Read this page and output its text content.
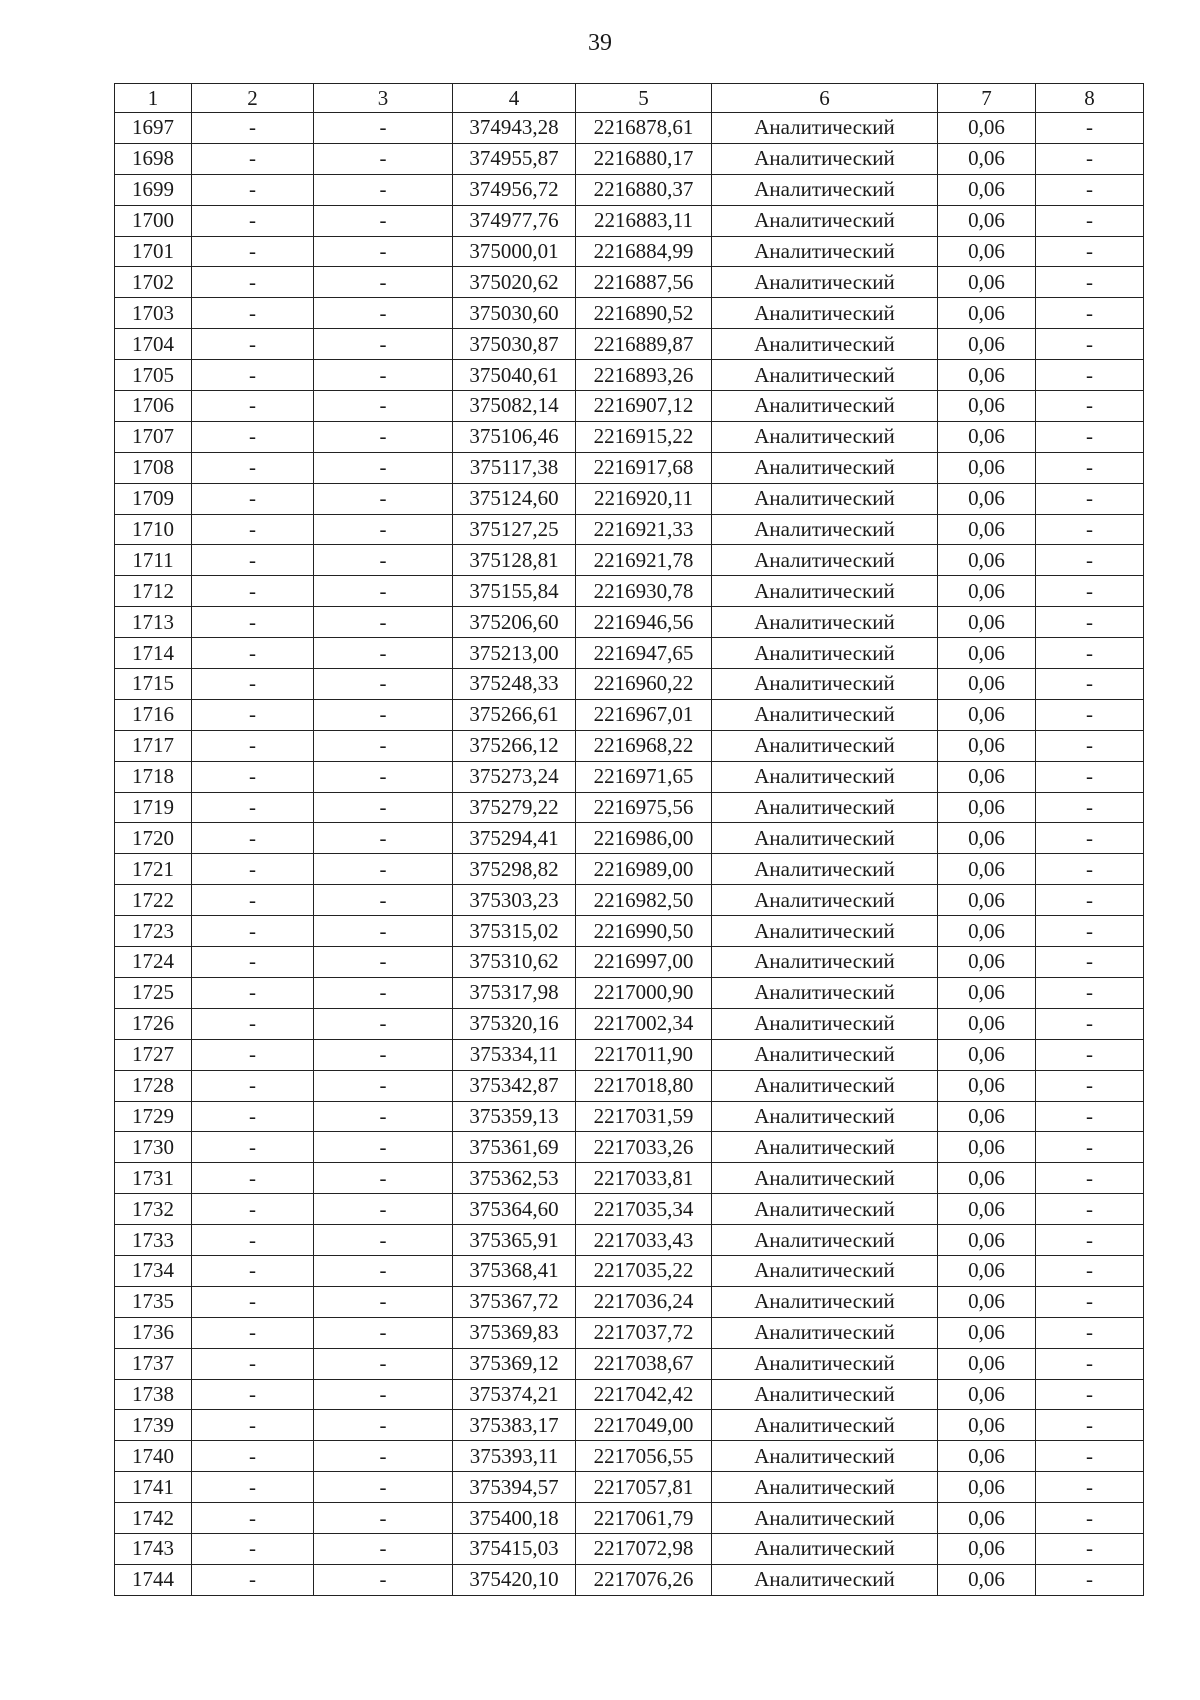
39
1	2	3	4	5	6	7	8
1697	-	-	374943,28	2216878,61	Аналитический	0,06	-
1698	-	-	374955,87	2216880,17	Аналитический	0,06	-
1699	-	-	374956,72	2216880,37	Аналитический	0,06	-
1700	-	-	374977,76	2216883,11	Аналитический	0,06	-
1701	-	-	375000,01	2216884,99	Аналитический	0,06	-
1702	-	-	375020,62	2216887,56	Аналитический	0,06	-
1703	-	-	375030,60	2216890,52	Аналитический	0,06	-
1704	-	-	375030,87	2216889,87	Аналитический	0,06	-
1705	-	-	375040,61	2216893,26	Аналитический	0,06	-
1706	-	-	375082,14	2216907,12	Аналитический	0,06	-
1707	-	-	375106,46	2216915,22	Аналитический	0,06	-
1708	-	-	375117,38	2216917,68	Аналитический	0,06	-
1709	-	-	375124,60	2216920,11	Аналитический	0,06	-
1710	-	-	375127,25	2216921,33	Аналитический	0,06	-
1711	-	-	375128,81	2216921,78	Аналитический	0,06	-
1712	-	-	375155,84	2216930,78	Аналитический	0,06	-
1713	-	-	375206,60	2216946,56	Аналитический	0,06	-
1714	-	-	375213,00	2216947,65	Аналитический	0,06	-
1715	-	-	375248,33	2216960,22	Аналитический	0,06	-
1716	-	-	375266,61	2216967,01	Аналитический	0,06	-
1717	-	-	375266,12	2216968,22	Аналитический	0,06	-
1718	-	-	375273,24	2216971,65	Аналитический	0,06	-
1719	-	-	375279,22	2216975,56	Аналитический	0,06	-
1720	-	-	375294,41	2216986,00	Аналитический	0,06	-
1721	-	-	375298,82	2216989,00	Аналитический	0,06	-
1722	-	-	375303,23	2216982,50	Аналитический	0,06	-
1723	-	-	375315,02	2216990,50	Аналитический	0,06	-
1724	-	-	375310,62	2216997,00	Аналитический	0,06	-
1725	-	-	375317,98	2217000,90	Аналитический	0,06	-
1726	-	-	375320,16	2217002,34	Аналитический	0,06	-
1727	-	-	375334,11	2217011,90	Аналитический	0,06	-
1728	-	-	375342,87	2217018,80	Аналитический	0,06	-
1729	-	-	375359,13	2217031,59	Аналитический	0,06	-
1730	-	-	375361,69	2217033,26	Аналитический	0,06	-
1731	-	-	375362,53	2217033,81	Аналитический	0,06	-
1732	-	-	375364,60	2217035,34	Аналитический	0,06	-
1733	-	-	375365,91	2217033,43	Аналитический	0,06	-
1734	-	-	375368,41	2217035,22	Аналитический	0,06	-
1735	-	-	375367,72	2217036,24	Аналитический	0,06	-
1736	-	-	375369,83	2217037,72	Аналитический	0,06	-
1737	-	-	375369,12	2217038,67	Аналитический	0,06	-
1738	-	-	375374,21	2217042,42	Аналитический	0,06	-
1739	-	-	375383,17	2217049,00	Аналитический	0,06	-
1740	-	-	375393,11	2217056,55	Аналитический	0,06	-
1741	-	-	375394,57	2217057,81	Аналитический	0,06	-
1742	-	-	375400,18	2217061,79	Аналитический	0,06	-
1743	-	-	375415,03	2217072,98	Аналитический	0,06	-
1744	-	-	375420,10	2217076,26	Аналитический	0,06	-
